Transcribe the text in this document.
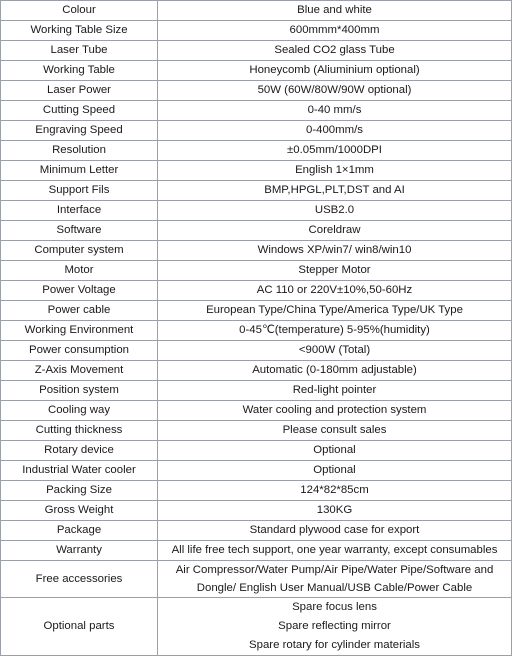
Colour	Blue and white

Working Table Size	600mmm*400mm

Laser Tube	Sealed CO2 glass Tube

Working Table	Honeycomb (Aliuminium optional)

Laser Power	50W (60W/80W/90W optional)

Cutting Speed	0-40 mm/s

Engraving Speed	0-400mm/s

Resolution	±0.05mm/1000DPI

Minimum Letter	English 1×1mm

Support Fils	BMP,HPGL,PLT,DST and AI

Interface	USB2.0

Software	Coreldraw

Computer system	Windows XP/win7/ win8/win10

Motor	Stepper Motor

Power Voltage	AC 110 or 220V±10%,50-60Hz

Power cable	European Type/China Type/America Type/UK Type

Working Environment	0-45℃(temperature) 5-95%(humidity)

Power consumption	<900W (Total)

Z-Axis Movement	Automatic (0-180mm adjustable)

Position system	Red-light pointer

Cooling way	Water cooling and protection system

Cutting thickness	Please consult sales

Rotary device	Optional

Industrial Water cooler	Optional

Packing Size	124*82*85cm

Gross Weight	130KG

Package	Standard plywood case for export

Warranty	All life free tech support, one year warranty, except consumables

Free accessories	Air Compressor/Water Pump/Air Pipe/Water Pipe/Software and
Dongle/ English User Manual/USB Cable/Power Cable

Optional parts	Spare focus lens
Spare reflecting mirror
Spare rotary for cylinder materials
